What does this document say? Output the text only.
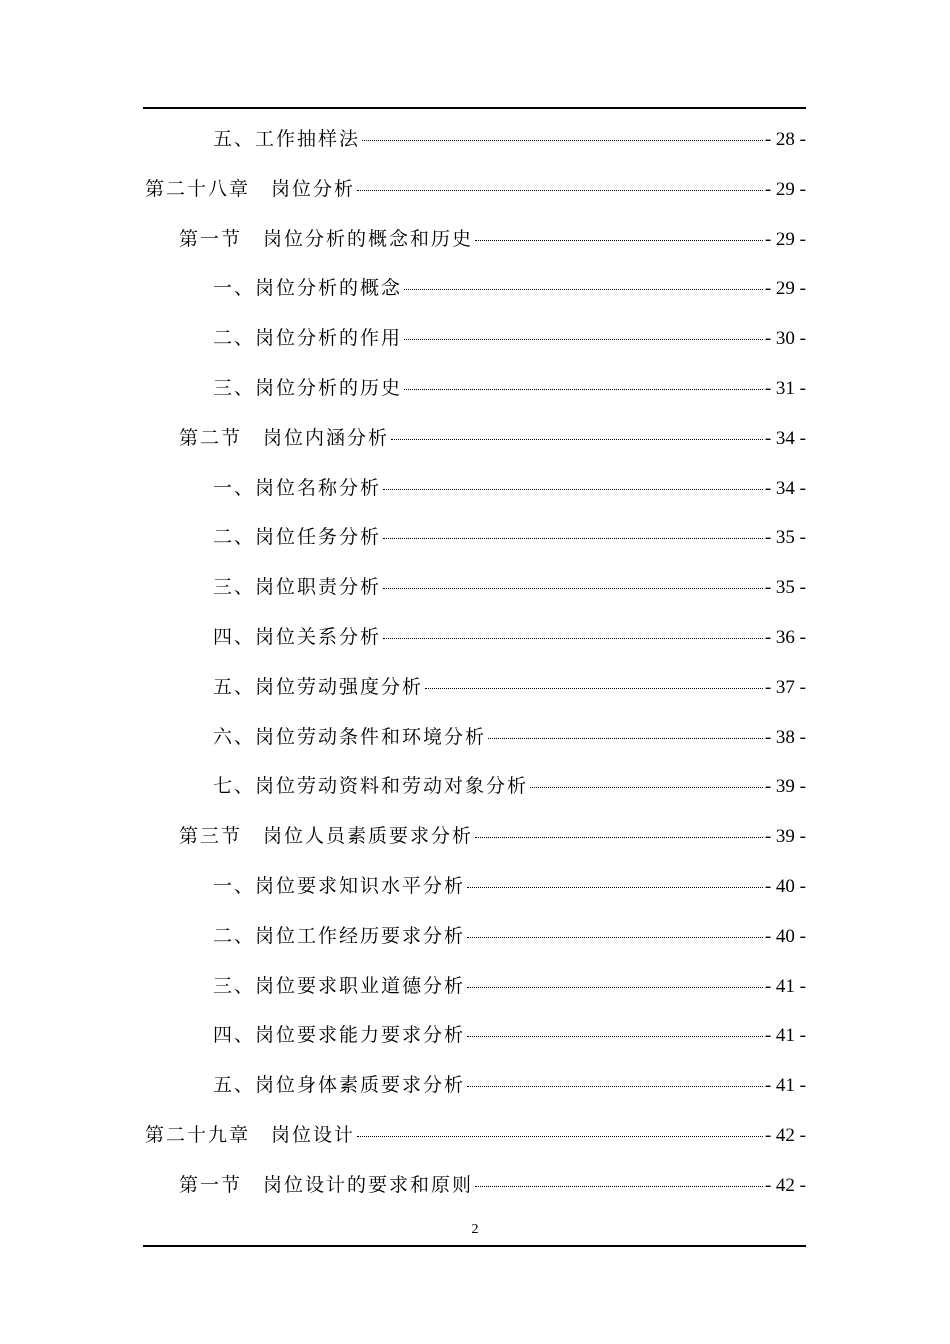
五、工作抽样法	- 28 -
第二十八章　岗位分析	- 29 -
第一节　岗位分析的概念和历史	- 29 -
一、岗位分析的概念	- 29 -
二、岗位分析的作用	- 30 -
三、岗位分析的历史	- 31 -
第二节　岗位内涵分析	- 34 -
一、岗位名称分析	- 34 -
二、岗位任务分析	- 35 -
三、岗位职责分析	- 35 -
四、岗位关系分析	- 36 -
五、岗位劳动强度分析	- 37 -
六、岗位劳动条件和环境分析	- 38 -
七、岗位劳动资料和劳动对象分析	- 39 -
第三节　岗位人员素质要求分析	- 39 -
一、岗位要求知识水平分析	- 40 -
二、岗位工作经历要求分析	- 40 -
三、岗位要求职业道德分析	- 41 -
四、岗位要求能力要求分析	- 41 -
五、岗位身体素质要求分析	- 41 -
第二十九章　岗位设计	- 42 -
第一节　岗位设计的要求和原则	- 42 -
2
